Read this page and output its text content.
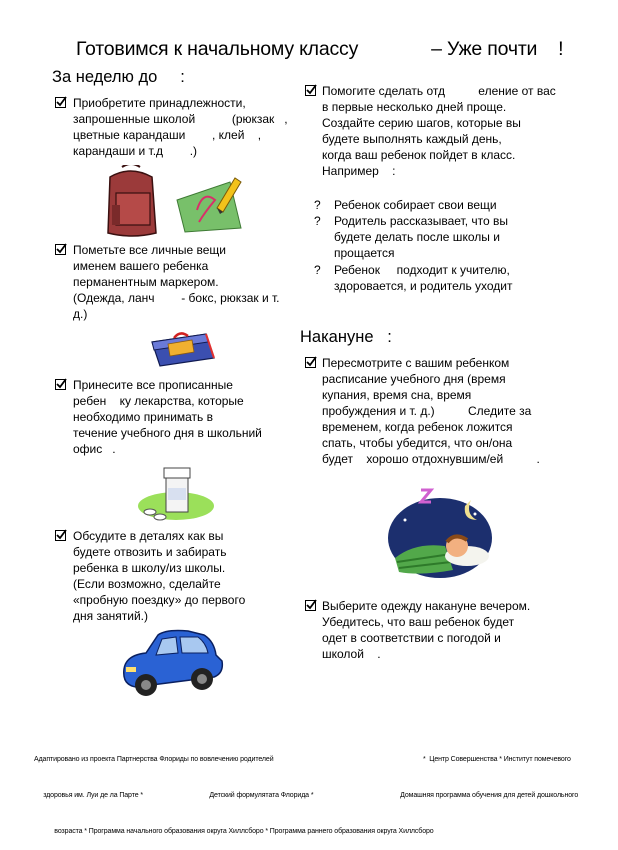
Готовимся к начальному классу              – Уже почти    !
За неделю до     :
Приобретите принадлежности,
запрошенные школой           (рюкзак   ,
цветные карандаши        , клей    ,
карандаши и т.д        .)
Пометьте все личные вещи
именем вашего ребенка
перманентным маркером.
(Одежда, ланч        - бокс, рюкзак и т.
д.)
Принесите все прописанные
ребен    ку лекарства, которые
необходимо принимать в
течение учебного дня в школьний
офис   .
Обсудите в деталях как вы
будете отвозить и забирать
ребенка в школу/из школы.
(Если возможно, сделайте
«пробную поездку» до первого
дня занятий.)
Помогите сделать отд          еление от вас
в первые несколько дней проще.
Создайте серию шагов, которые вы
будете выполнять каждый день,
когда ваш ребенок пойдет в класс.
Например    :
? Ребенок собирает свои вещи
? Родитель рассказывает, что вы
будете делать после школы и
прощается
? Ребенок     подходит к учителю,
здоровается, и родитель уходит
Накануне   :
Пересмотрите с вашим ребенком
расписание учебного дня (время
купания, время сна, время
пробуждения и т. д.)          Следите за
временем, когда ребенок ложится
спать, чтобы убедится, что он/она
будет    хорошо отдохнувшим/ей          .
Выберите одежду накануне вечером.
Убедитесь, что ваш ребенок будет
одет в соответствии с погодой и
школой    .

Адаптировано из проекта Партнерства Флориды по вовлечению родителей                                                                                 *  Центр Совершенства * Институт помечевого

здоровья им. Луи де ла Парте *                                    Детский формулятата Флорида *                                               Домашняя программа обучения для детей дошкольного

возраста * Программа начального образования округа Хиллсборо * Программа раннего образования округа Хиллсборо
